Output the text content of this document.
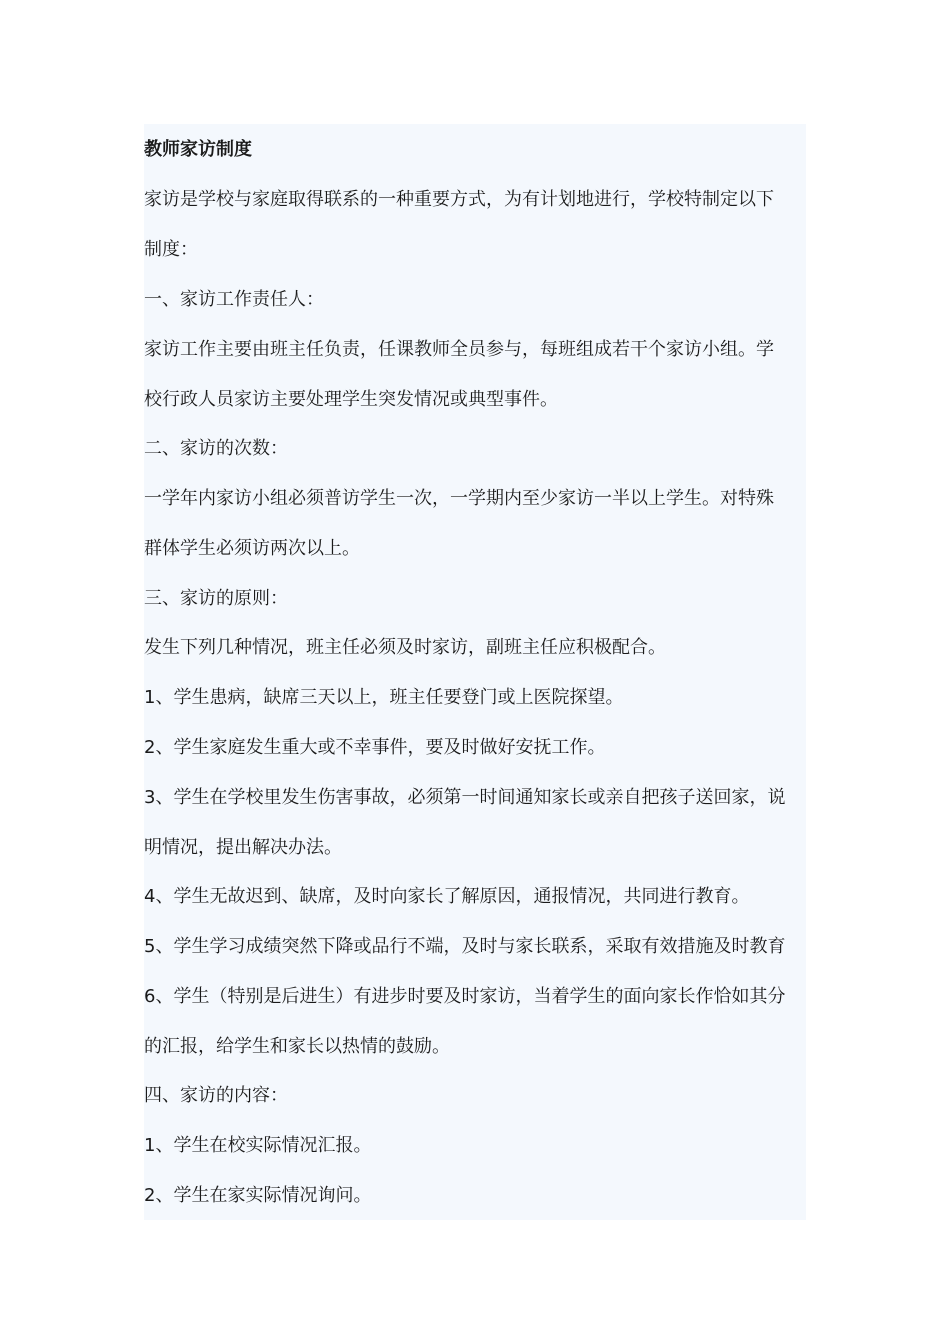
教师家访制度
家访是学校与家庭取得联系的一种重要方式，为有计划地进行，学校特制定以下
制度：
一、家访工作责任人：
家访工作主要由班主任负责，任课教师全员参与，每班组成若干个家访小组。学
校行政人员家访主要处理学生突发情况或典型事件。
二、家访的次数：
一学年内家访小组必须普访学生一次，一学期内至少家访一半以上学生。对特殊
群体学生必须访两次以上。
三、家访的原则：
发生下列几种情况，班主任必须及时家访，副班主任应积极配合。
1、学生患病，缺席三天以上，班主任要登门或上医院探望。
2、学生家庭发生重大或不幸事件，要及时做好安抚工作。
3、学生在学校里发生伤害事故，必须第一时间通知家长或亲自把孩子送回家，说
明情况，提出解决办法。
4、学生无故迟到、缺席，及时向家长了解原因，通报情况，共同进行教育。
5、学生学习成绩突然下降或品行不端，及时与家长联系，采取有效措施及时教育
6、学生（特别是后进生）有进步时要及时家访，当着学生的面向家长作恰如其分
的汇报，给学生和家长以热情的鼓励。
四、家访的内容：
1、学生在校实际情况汇报。
2、学生在家实际情况询问。
